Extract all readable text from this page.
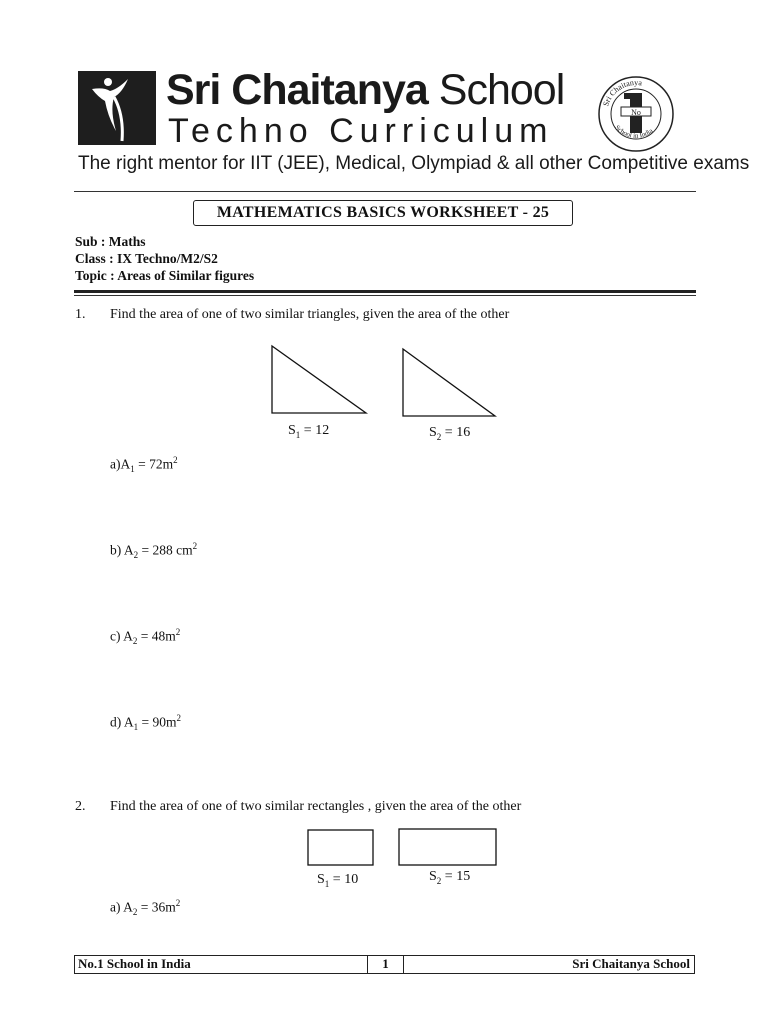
Sri Chaitanya School
Techno Curriculum	No
Sri Chaitanya
School in India
The right mentor for IIT (JEE), Medical, Olympiad & all other Competitive exams
MATHEMATICS BASICS WORKSHEET - 25
Sub : Maths
Class : IX Techno/M2/S2
Topic : Areas of Similar figures
1. Find the area of one of two similar triangles, given the area of the other
$S_1 = 12$	$S_2 = 16$
$a)A_1 = 72m^2$
b) $A_2 = 288$ $cm^2$
c) $A_2 = 48m^2$
d) $A_1 = 90m^2$
2. Find the area of one of two similar rectangles , given the area of the other
$S_1 = 10$	$S_2 = 15$
a) $A_2 = 36m^2$
No.1 School in India	1	Sri Chaitanya School
